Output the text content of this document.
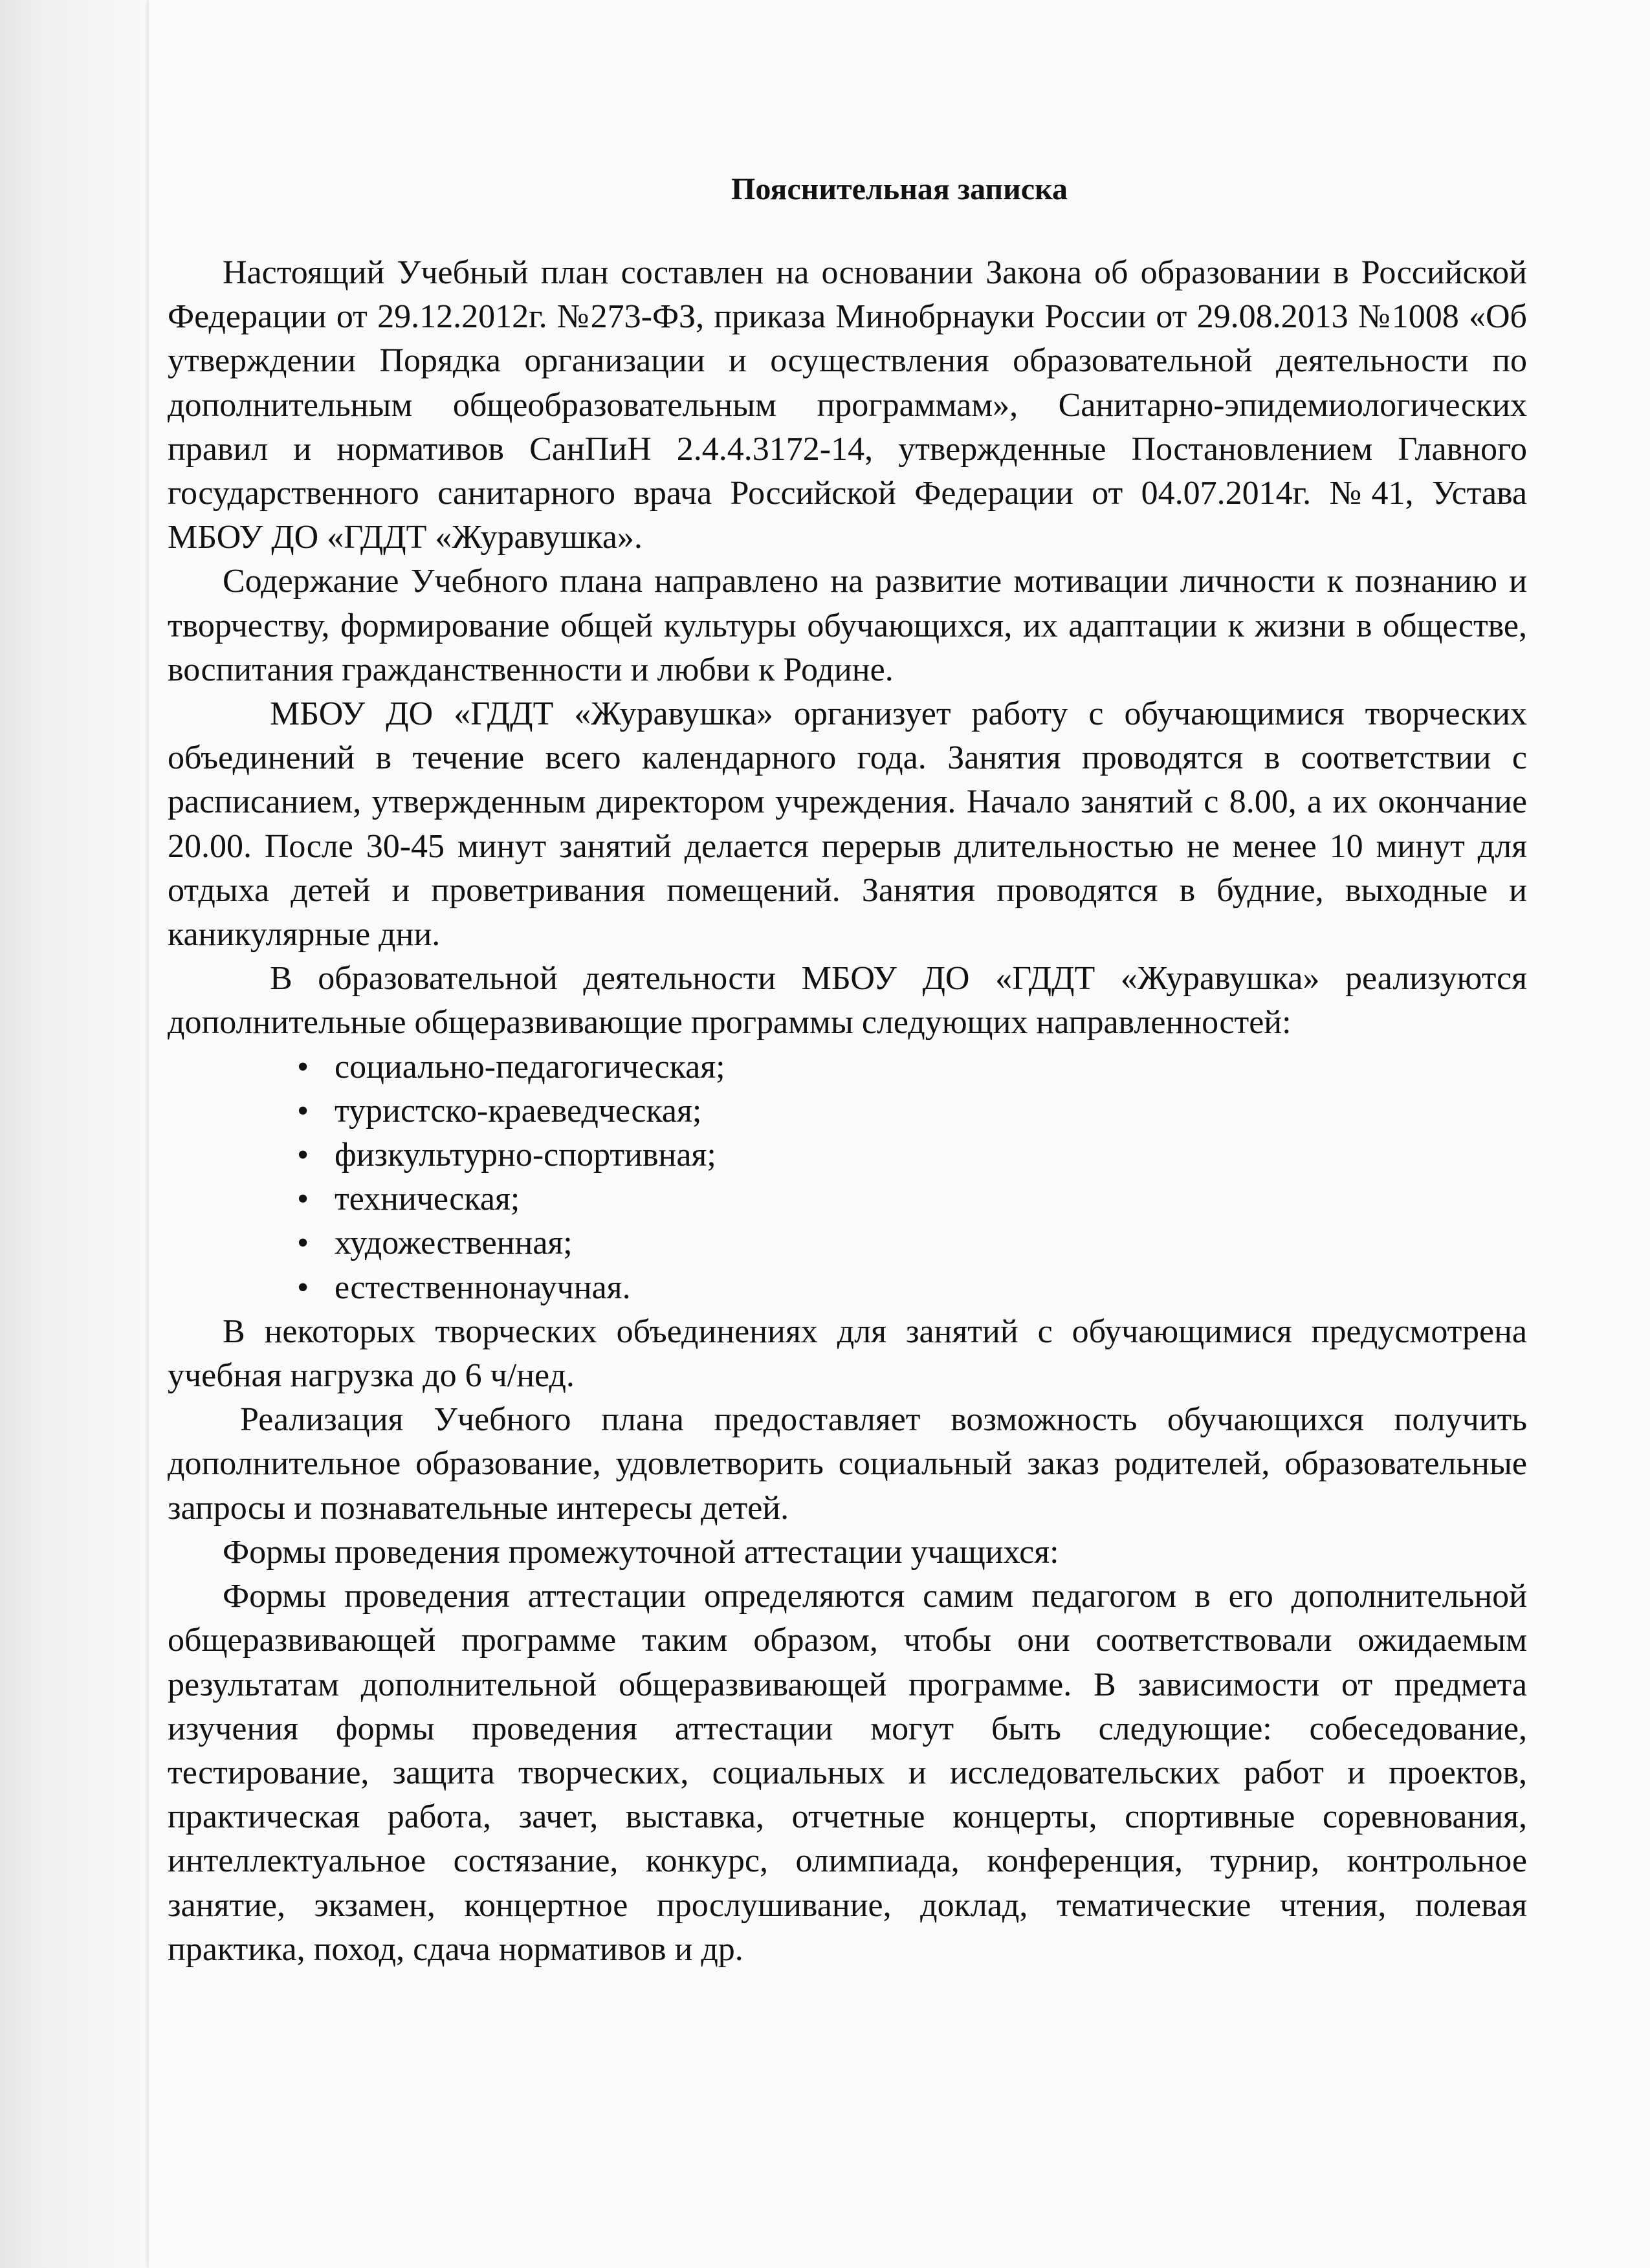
Пояснительная записка

Настоящий Учебный план составлен на основании Закона об образовании в Российской Федерации от 29.12.2012г. №273-ФЗ, приказа Минобрнауки России от 29.08.2013 №1008 «Об утверждении Порядка организации и осуществления образовательной деятельности по дополнительным общеобразовательным программам», Санитарно-эпидемиологических правил и нормативов СанПиН 2.4.4.3172-14, утвержденные Постановлением Главного государственного санитарного врача Российской Федерации от 04.07.2014г. №41, Устава МБОУ ДО «ГДДТ «Журавушка».

Содержание Учебного плана направлено на развитие мотивации личности к познанию и творчеству, формирование общей культуры обучающихся, их адаптации к жизни в обществе, воспитания гражданственности и любви к Родине.

МБОУ ДО «ГДДТ «Журавушка» организует работу с обучающимися творческих объединений в течение всего календарного года. Занятия проводятся в соответствии с расписанием, утвержденным директором учреждения. Начало занятий с 8.00, а их окончание 20.00. После 30-45 минут занятий делается перерыв длительностью не менее 10 минут для отдыха детей и проветривания помещений. Занятия проводятся в будние, выходные и каникулярные дни.

В образовательной деятельности МБОУ ДО «ГДДТ «Журавушка» реализуются дополнительные общеразвивающие программы следующих направленностей:

• социально-педагогическая;
• туристско-краеведческая;
• физкультурно-спортивная;
• техническая;
• художественная;
• естественнонаучная.

В некоторых творческих объединениях для занятий с обучающимися предусмотрена учебная нагрузка до 6 ч/нед.

Реализация Учебного плана предоставляет возможность обучающихся получить дополнительное образование, удовлетворить социальный заказ родителей, образовательные запросы и познавательные интересы детей.

Формы проведения промежуточной аттестации учащихся:

Формы проведения аттестации определяются самим педагогом в его дополнительной общеразвивающей программе таким образом, чтобы они соответствовали ожидаемым результатам дополнительной общеразвивающей программе. В зависимости от предмета изучения формы проведения аттестации могут быть следующие: собеседование, тестирование, защита творческих, социальных и исследовательских работ и проектов, практическая работа, зачет, выставка, отчетные концерты, спортивные соревнования, интеллектуальное состязание, конкурс, олимпиада, конференция, турнир, контрольное занятие, экзамен, концертное прослушивание, доклад, тематические чтения, полевая практика, поход, сдача нормативов и др.
